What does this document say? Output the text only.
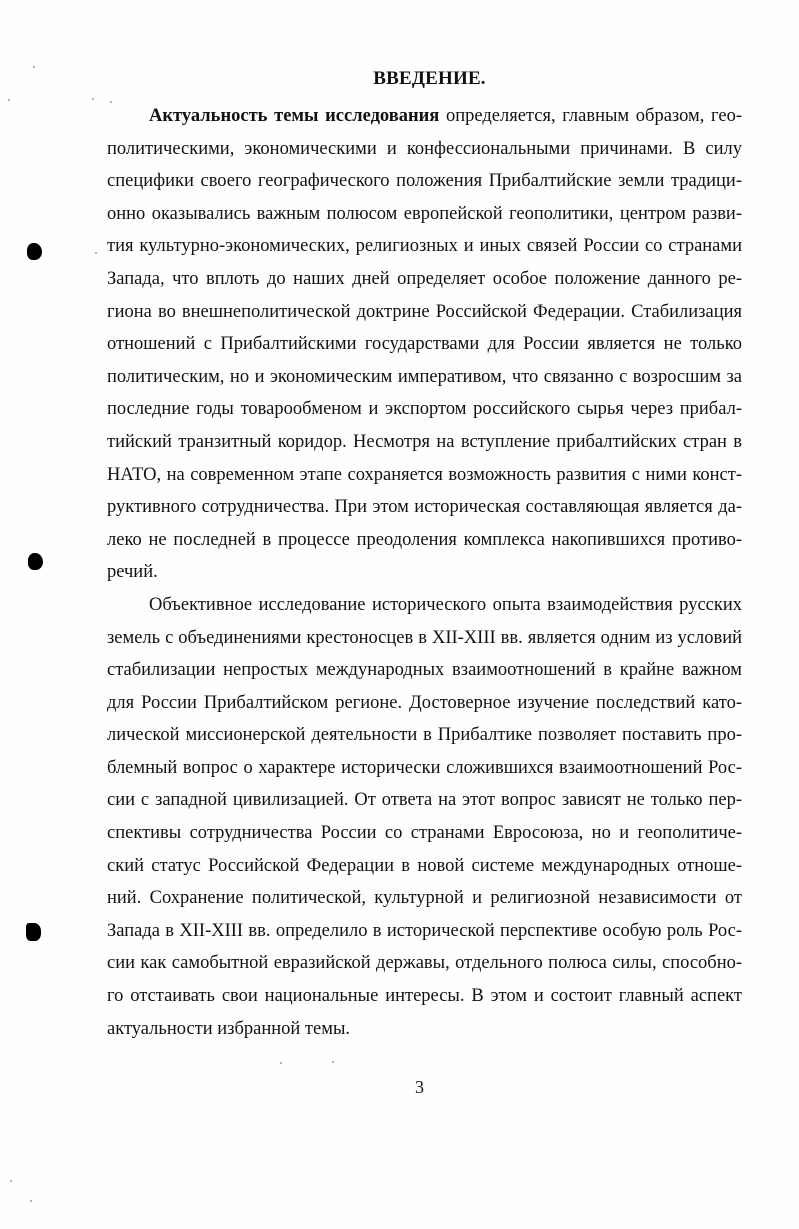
ВВЕДЕНИЕ.
Актуальность темы исследования определяется, главным образом, гео-
политическими, экономическими и конфессиональными причинами. В силу
специфики своего географического положения Прибалтийские земли традици-
онно оказывались важным полюсом европейской геополитики, центром разви-
тия культурно-экономических, религиозных и иных связей России со странами
Запада, что вплоть до наших дней определяет особое положение данного ре-
гиона во внешнеполитической доктрине Российской Федерации. Стабилизация
отношений с Прибалтийскими государствами для России является не только
политическим, но и экономическим императивом, что связанно с возросшим за
последние годы товарообменом и экспортом российского сырья через прибал-
тийский транзитный коридор. Несмотря на вступление прибалтийских стран в
НАТО, на современном этапе сохраняется возможность развития с ними конст-
руктивного сотрудничества. При этом историческая составляющая является да-
леко не последней в процессе преодоления комплекса накопившихся противо-
речий.
Объективное исследование исторического опыта взаимодействия русских
земель с объединениями крестоносцев в XII-XIII вв. является одним из условий
стабилизации непростых международных взаимоотношений в крайне важном
для России Прибалтийском регионе. Достоверное изучение последствий като-
лической миссионерской деятельности в Прибалтике позволяет поставить про-
блемный вопрос о характере исторически сложившихся взаимоотношений Рос-
сии с западной цивилизацией. От ответа на этот вопрос зависят не только пер-
спективы сотрудничества России со странами Евросоюза, но и геополитиче-
ский статус Российской Федерации в новой системе международных отноше-
ний. Сохранение политической, культурной и религиозной независимости от
Запада в XII-XIII вв. определило в исторической перспективе особую роль Рос-
сии как самобытной евразийской державы, отдельного полюса силы, способно-
го отстаивать свои национальные интересы. В этом и состоит главный аспект
актуальности избранной темы.
3
